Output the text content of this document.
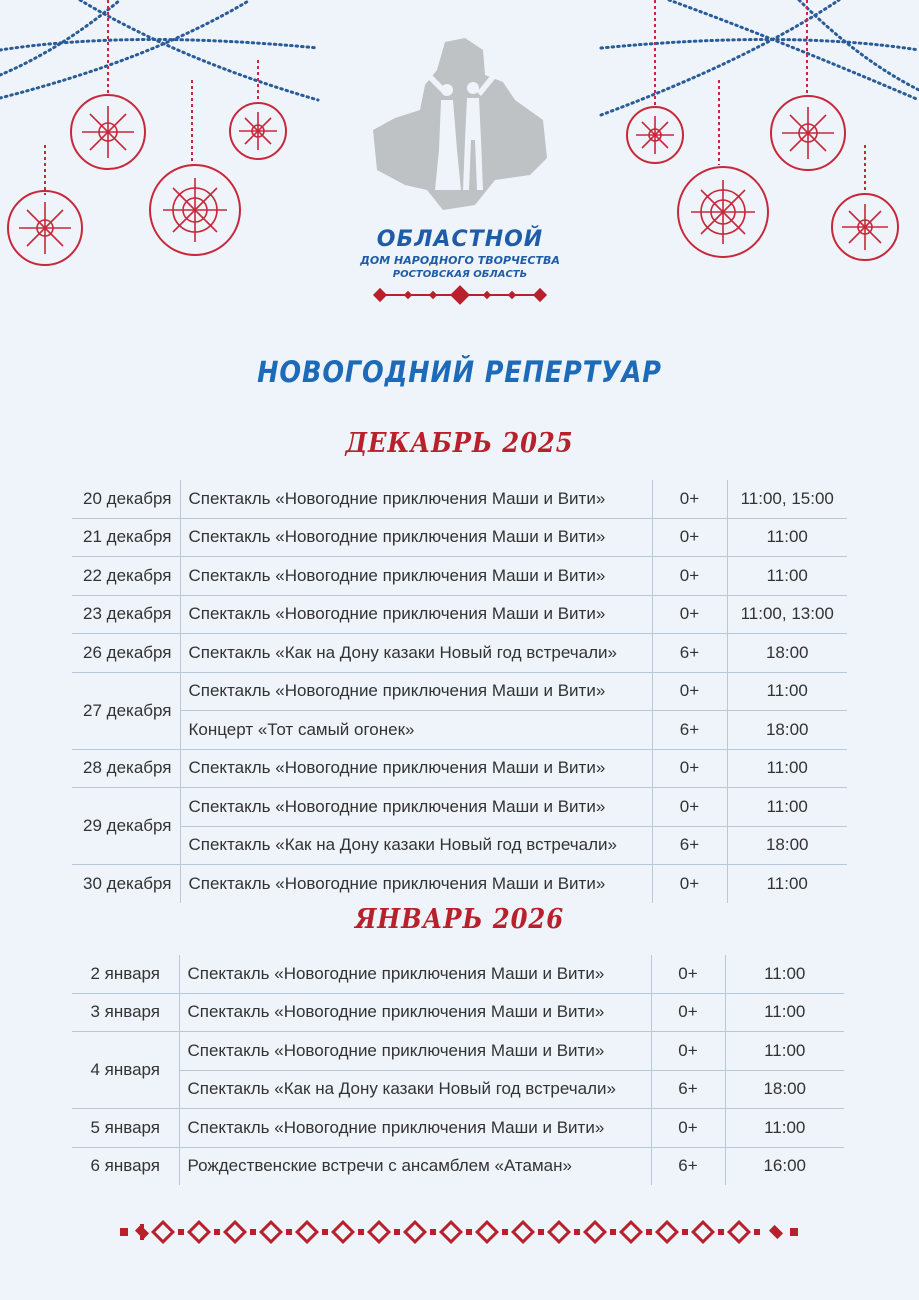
ОБЛАСТНОЙ
ДОМ НАРОДНОГО ТВОРЧЕСТВА
РОСТОВСКАЯ ОБЛАСТЬ
НОВОГОДНИЙ РЕПЕРТУАР
ДЕКАБРЬ 2025
20 декабря	Спектакль «Новогодние приключения Маши и Вити»	0+	11:00, 15:00
21 декабря	Спектакль «Новогодние приключения Маши и Вити»	0+	11:00
22 декабря	Спектакль «Новогодние приключения Маши и Вити»	0+	11:00
23 декабря	Спектакль «Новогодние приключения Маши и Вити»	0+	11:00, 13:00
26 декабря	Спектакль «Как на Дону казаки Новый год встречали»	6+	18:00
27 декабря	Спектакль «Новогодние приключения Маши и Вити»	0+	11:00
	Концерт «Тот самый огонек»	6+	18:00
28 декабря	Спектакль «Новогодние приключения Маши и Вити»	0+	11:00
29 декабря	Спектакль «Новогодние приключения Маши и Вити»	0+	11:00
	Спектакль «Как на Дону казаки Новый год встречали»	6+	18:00
30 декабря	Спектакль «Новогодние приключения Маши и Вити»	0+	11:00
ЯНВАРЬ 2026
2 января	Спектакль «Новогодние приключения Маши и Вити»	0+	11:00
3 января	Спектакль «Новогодние приключения Маши и Вити»	0+	11:00
4 января	Спектакль «Новогодние приключения Маши и Вити»	0+	11:00
	Спектакль «Как на Дону казаки Новый год встречали»	6+	18:00
5 января	Спектакль «Новогодние приключения Маши и Вити»	0+	11:00
6 января	Рождественские встречи с ансамблем «Атаман»	6+	16:00
